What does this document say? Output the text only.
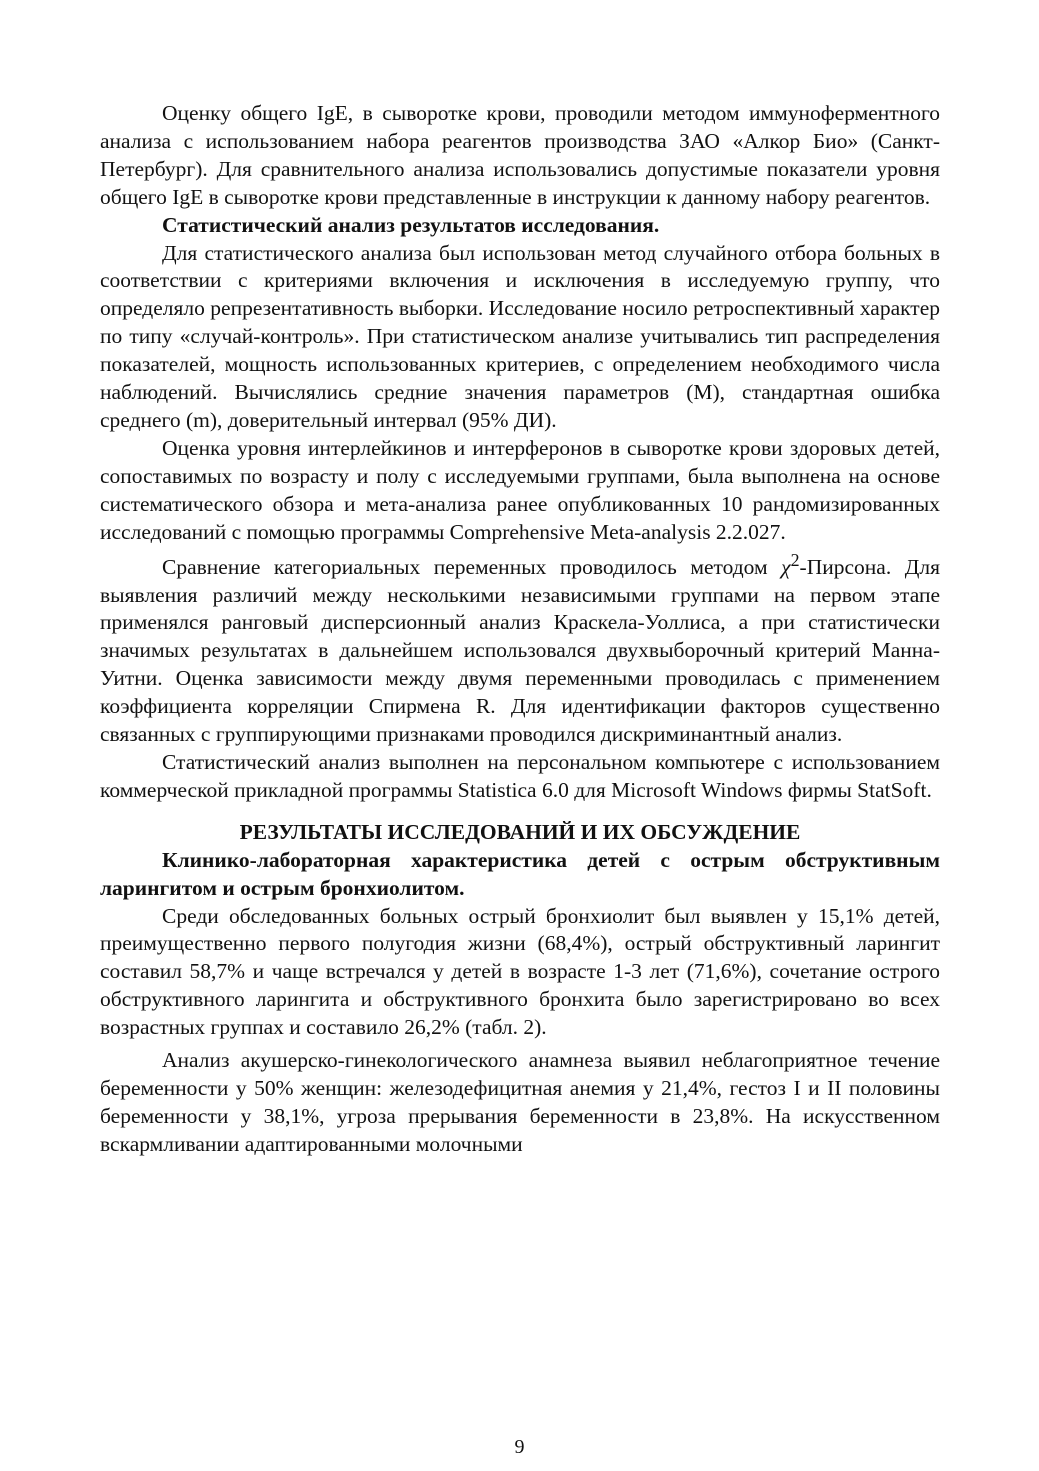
Оценку общего IgE, в сыворотке крови, проводили методом иммуноферментного анализа с использованием набора реагентов производства ЗАО «Алкор Био» (Санкт-Петербург). Для сравнительного анализа использовались допустимые показатели уровня общего IgE в сыворотке крови представленные в инструкции к данному набору реагентов.

Статистический анализ результатов исследования.

Для статистического анализа был использован метод случайного отбора больных в соответствии с критериями включения и исключения в исследуемую группу, что определяло репрезентативность выборки. Исследование носило ретроспективный характер по типу «случай-контроль». При статистическом анализе учитывались тип распределения показателей, мощность использованных критериев, с определением необходимого числа наблюдений. Вычислялись средние значения параметров (М), стандартная ошибка среднего (m), доверительный интервал (95% ДИ).

Оценка уровня интерлейкинов и интерферонов в сыворотке крови здоровых детей, сопоставимых по возрасту и полу с исследуемыми группами, была выполнена на основе систематического обзора и мета-анализа ранее опубликованных 10 рандомизированных исследований с помощью программы Comprehensive Meta-analysis 2.2.027.

Сравнение категориальных переменных проводилось методом $\chi^2$-Пирсона. Для выявления различий между несколькими независимыми группами на первом этапе применялся ранговый дисперсионный анализ Краскела-Уоллиса, а при статистически значимых результатах в дальнейшем использовался двухвыборочный критерий Манна-Уитни. Оценка зависимости между двумя переменными проводилась с применением коэффициента корреляции Спирмена R. Для идентификации факторов существенно связанных с группирующими признаками проводился дискриминантный анализ.

Статистический анализ выполнен на персональном компьютере с использованием коммерческой прикладной программы Statistica 6.0 для Microsoft Windows фирмы StatSoft.

РЕЗУЛЬТАТЫ ИССЛЕДОВАНИЙ И ИХ ОБСУЖДЕНИЕ

Клинико-лабораторная характеристика детей с острым обструктивным ларингитом и острым бронхиолитом.

Среди обследованных больных острый бронхиолит был выявлен у 15,1% детей, преимущественно первого полугодия жизни (68,4%), острый обструктивный ларингит составил 58,7% и чаще встречался у детей в возрасте 1-3 лет (71,6%), сочетание острого обструктивного ларингита и обструктивного бронхита было зарегистрировано во всех возрастных группах и составило 26,2% (табл. 2).

Анализ акушерско-гинекологического анамнеза выявил неблагоприятное течение беременности у 50% женщин: железодефицитная анемия у 21,4%, гестоз I и II половины беременности у 38,1%, угроза прерывания беременности в 23,8%. На искусственном вскармливании адаптированными молочными

9
